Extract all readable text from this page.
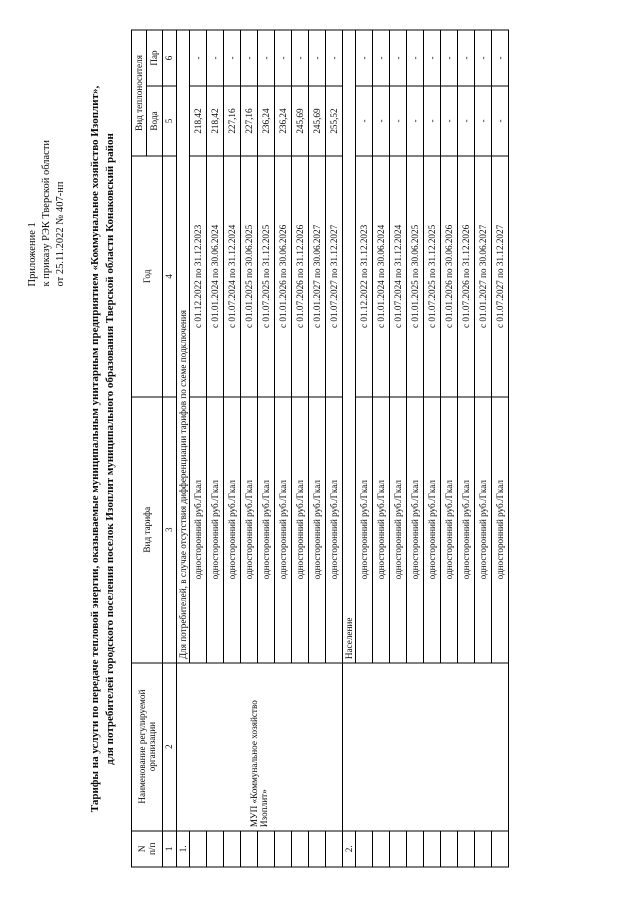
Приложение 1 к приказу РЭК Тверской области от 25.11.2022 № 407-нп Тарифы на услуги по передаче тепловой энергии, оказываемые муниципальным унитарным предприятием «Коммунальное хозяйство Изоплит», для потребителей городского поселения поселок Изоплит муниципального образования Тверской области Конаковский район
N п/п	Наименование регулируемой организации	Вид тарифа	Год	Вид теплоносителя	
				Вода	Пар
1	2	3	4	5	6
1.	МУП «Коммунальное хозяйство Изоплит»	Для потребителей, в случае отсутствия дифференциации тарифов по схеме подключения			
		односторонний руб./Гкал	с 01.12.2022 по 31.12.2023	218,42	-
		односторонний руб./Гкал	с 01.01.2024 по 30.06.2024	218,42	-
		односторонний руб./Гкал	с 01.07.2024 по 31.12.2024	227,16	-
		односторонний руб./Гкал	с 01.01.2025 по 30.06.2025	227,16	-
		односторонний руб./Гкал	с 01.07.2025 по 31.12.2025	236,24	-
		односторонний руб./Гкал	с 01.01.2026 по 30.06.2026	236,24	-
		односторонний руб./Гкал	с 01.07.2026 по 31.12.2026	245,69	-
		односторонний руб./Гкал	с 01.01.2027 по 30.06.2027	245,69	-
		односторонний руб./Гкал	с 01.07.2027 по 31.12.2027	255,52	-
2.		Население			
		односторонний руб./Гкал	с 01.12.2022 по 31.12.2023	-	-
		односторонний руб./Гкал	с 01.01.2024 по 30.06.2024	-	-
		односторонний руб./Гкал	с 01.07.2024 по 31.12.2024	-	-
		односторонний руб./Гкал	с 01.01.2025 по 30.06.2025	-	-
		односторонний руб./Гкал	с 01.07.2025 по 31.12.2025	-	-
		односторонний руб./Гкал	с 01.01.2026 по 30.06.2026	-	-
		односторонний руб./Гкал	с 01.07.2026 по 31.12.2026	-	-
		односторонний руб./Гкал	с 01.01.2027 по 30.06.2027	-	-
		односторонний руб./Гкал	с 01.07.2027 по 31.12.2027	-	-
